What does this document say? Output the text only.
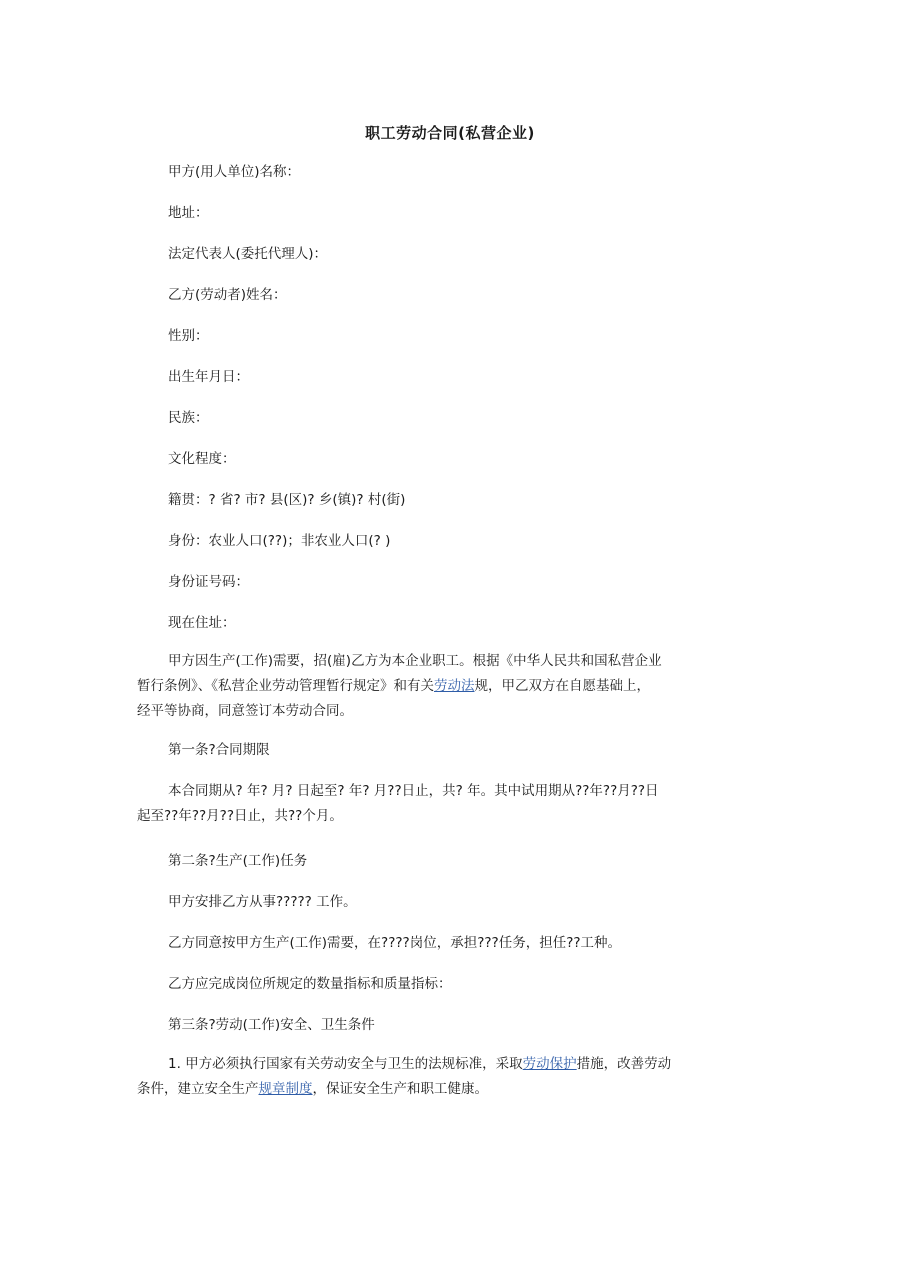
职工劳动合同(私营企业)
甲方(用人单位)名称：
地址：
法定代表人(委托代理人)：
乙方(劳动者)姓名：
性别：
出生年月日：
民族：
文化程度：
籍贯：? 省? 市? 县(区)? 乡(镇)? 村(街)
身份：农业人口(??)；非农业人口(? )
身份证号码：
现在住址：
甲方因生产(工作)需要，招(雇)乙方为本企业职工。根据《中华人民共和国私营企业
暂行条例》、《私营企业劳动管理暂行规定》和有关劳动法规，甲乙双方在自愿基础上，
经平等协商，同意签订本劳动合同。
第一条?合同期限
本合同期从? 年? 月? 日起至? 年? 月??日止，共? 年。其中试用期从??年??月??日
起至??年??月??日止，共??个月。
第二条?生产(工作)任务
甲方安排乙方从事????? 工作。
乙方同意按甲方生产(工作)需要，在????岗位，承担???任务，担任??工种。
乙方应完成岗位所规定的数量指标和质量指标：
第三条?劳动(工作)安全、卫生条件
1. 甲方必须执行国家有关劳动安全与卫生的法规标准，采取劳动保护措施，改善劳动
条件，建立安全生产规章制度，保证安全生产和职工健康。
